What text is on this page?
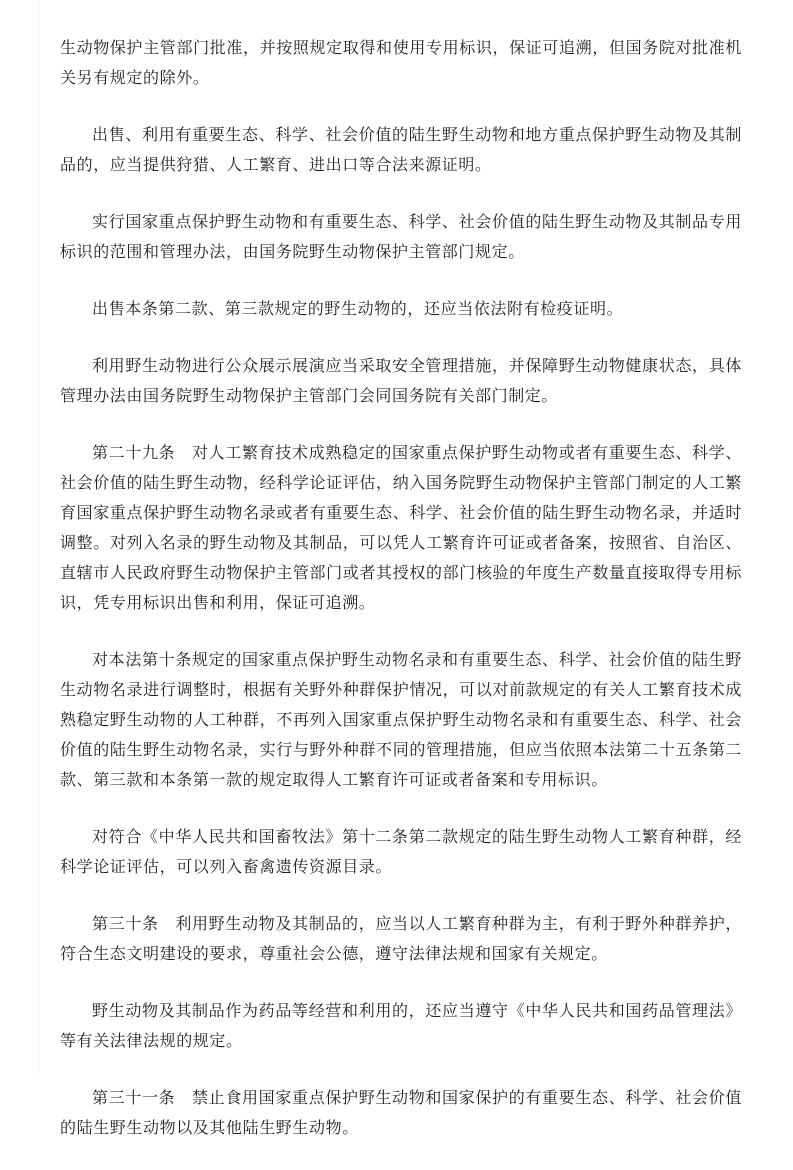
生动物保护主管部门批准，并按照规定取得和使用专用标识，保证可追溯，但国务院对批准机关另有规定的除外。

出售、利用有重要生态、科学、社会价值的陆生野生动物和地方重点保护野生动物及其制品的，应当提供狩猎、人工繁育、进出口等合法来源证明。

实行国家重点保护野生动物和有重要生态、科学、社会价值的陆生野生动物及其制品专用标识的范围和管理办法，由国务院野生动物保护主管部门规定。

出售本条第二款、第三款规定的野生动物的，还应当依法附有检疫证明。

利用野生动物进行公众展示展演应当采取安全管理措施，并保障野生动物健康状态，具体管理办法由国务院野生动物保护主管部门会同国务院有关部门制定。

第二十九条　对人工繁育技术成熟稳定的国家重点保护野生动物或者有重要生态、科学、社会价值的陆生野生动物，经科学论证评估，纳入国务院野生动物保护主管部门制定的人工繁育国家重点保护野生动物名录或者有重要生态、科学、社会价值的陆生野生动物名录，并适时调整。对列入名录的野生动物及其制品，可以凭人工繁育许可证或者备案，按照省、自治区、直辖市人民政府野生动物保护主管部门或者其授权的部门核验的年度生产数量直接取得专用标识，凭专用标识出售和利用，保证可追溯。

对本法第十条规定的国家重点保护野生动物名录和有重要生态、科学、社会价值的陆生野生动物名录进行调整时，根据有关野外种群保护情况，可以对前款规定的有关人工繁育技术成熟稳定野生动物的人工种群，不再列入国家重点保护野生动物名录和有重要生态、科学、社会价值的陆生野生动物名录，实行与野外种群不同的管理措施，但应当依照本法第二十五条第二款、第三款和本条第一款的规定取得人工繁育许可证或者备案和专用标识。

对符合《中华人民共和国畜牧法》第十二条第二款规定的陆生野生动物人工繁育种群，经科学论证评估，可以列入畜禽遗传资源目录。

第三十条　利用野生动物及其制品的，应当以人工繁育种群为主，有利于野外种群养护，符合生态文明建设的要求，尊重社会公德，遵守法律法规和国家有关规定。

野生动物及其制品作为药品等经营和利用的，还应当遵守《中华人民共和国药品管理法》等有关法律法规的规定。

第三十一条　禁止食用国家重点保护野生动物和国家保护的有重要生态、科学、社会价值的陆生野生动物以及其他陆生野生动物。
